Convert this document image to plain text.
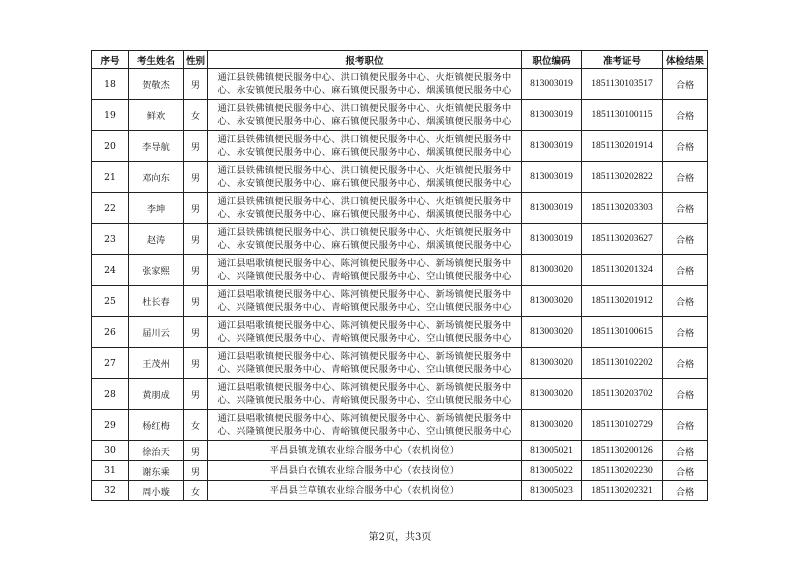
序号	考生姓名	性别	报考职位	职位编码	准考证号	体检结果
18	贺敬杰	男	通江县铁佛镇便民服务中心、洪口镇便民服务中心、火炬镇便民服务中
心、永安镇便民服务中心、麻石镇便民服务中心、烟溪镇便民服务中心	813003019	1851130103517	合格
19	鲜欢	女	通江县铁佛镇便民服务中心、洪口镇便民服务中心、火炬镇便民服务中
心、永安镇便民服务中心、麻石镇便民服务中心、烟溪镇便民服务中心	813003019	1851130100115	合格
20	李导航	男	通江县铁佛镇便民服务中心、洪口镇便民服务中心、火炬镇便民服务中
心、永安镇便民服务中心、麻石镇便民服务中心、烟溪镇便民服务中心	813003019	1851130201914	合格
21	邓向东	男	通江县铁佛镇便民服务中心、洪口镇便民服务中心、火炬镇便民服务中
心、永安镇便民服务中心、麻石镇便民服务中心、烟溪镇便民服务中心	813003019	1851130202822	合格
22	李坤	男	通江县铁佛镇便民服务中心、洪口镇便民服务中心、火炬镇便民服务中
心、永安镇便民服务中心、麻石镇便民服务中心、烟溪镇便民服务中心	813003019	1851130203303	合格
23	赵涛	男	通江县铁佛镇便民服务中心、洪口镇便民服务中心、火炬镇便民服务中
心、永安镇便民服务中心、麻石镇便民服务中心、烟溪镇便民服务中心	813003019	1851130203627	合格
24	张家熙	男	通江县唱歌镇便民服务中心、陈河镇便民服务中心、新场镇便民服务中
心、兴隆镇便民服务中心、青峪镇便民服务中心、空山镇便民服务中心	813003020	1851130201324	合格
25	杜长春	男	通江县唱歌镇便民服务中心、陈河镇便民服务中心、新场镇便民服务中
心、兴隆镇便民服务中心、青峪镇便民服务中心、空山镇便民服务中心	813003020	1851130201912	合格
26	届川云	男	通江县唱歌镇便民服务中心、陈河镇便民服务中心、新场镇便民服务中
心、兴隆镇便民服务中心、青峪镇便民服务中心、空山镇便民服务中心	813003020	1851130100615	合格
27	王茂州	男	通江县唱歌镇便民服务中心、陈河镇便民服务中心、新场镇便民服务中
心、兴隆镇便民服务中心、青峪镇便民服务中心、空山镇便民服务中心	813003020	1851130102202	合格
28	黄朋成	男	通江县唱歌镇便民服务中心、陈河镇便民服务中心、新场镇便民服务中
心、兴隆镇便民服务中心、青峪镇便民服务中心、空山镇便民服务中心	813003020	1851130203702	合格
29	杨红梅	女	通江县唱歌镇便民服务中心、陈河镇便民服务中心、新场镇便民服务中
心、兴隆镇便民服务中心、青峪镇便民服务中心、空山镇便民服务中心	813003020	1851130102729	合格
30	徐治天	男	平昌县镇龙镇农业综合服务中心（农机岗位）	813005021	1851130200126	合格
31	谢东乘	男	平昌县白衣镇农业综合服务中心（农技岗位）	813005022	1851130202230	合格
32	周小璇	女	平昌县兰草镇农业综合服务中心（农机岗位）	813005023	1851130202321	合格
第2页，共3页
